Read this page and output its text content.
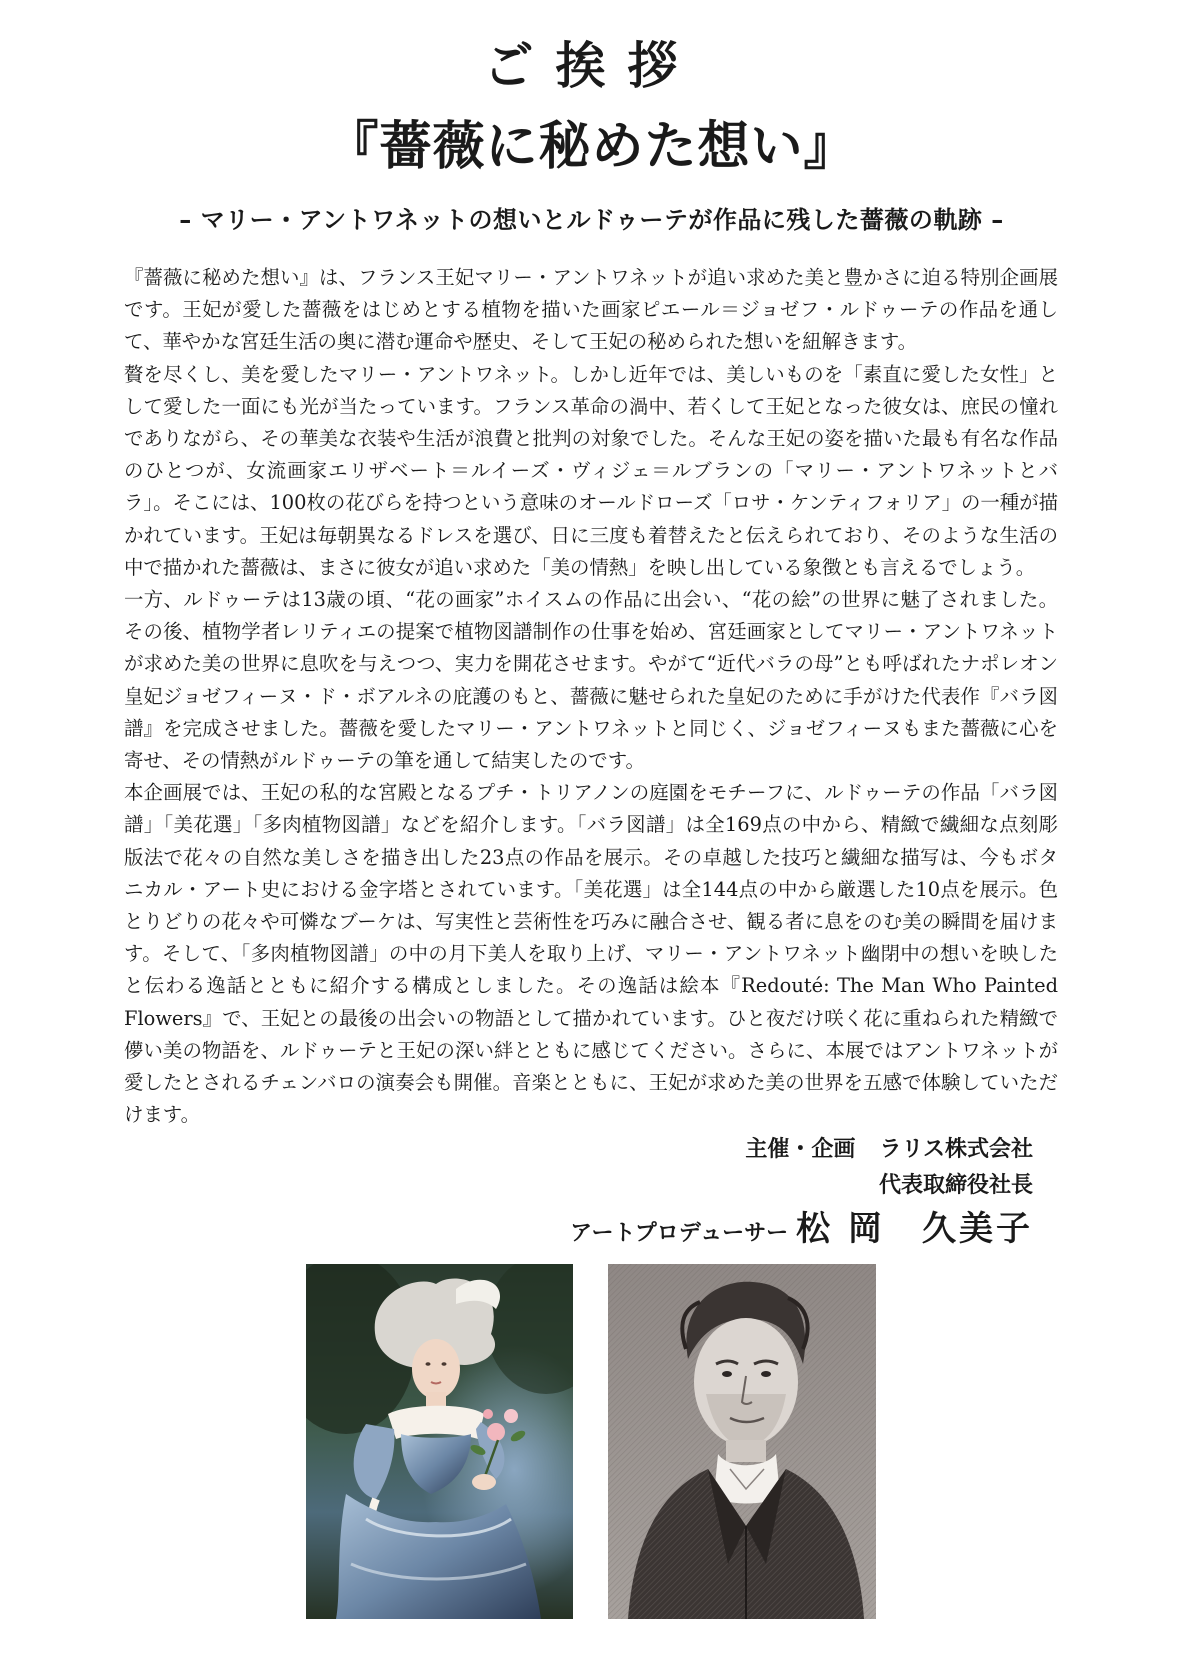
ご挨拶
『薔薇に秘めた想い』
– マリー・アントワネットの想いとルドゥーテが作品に残した薔薇の軌跡 –

『薔薇に秘めた想い』は、フランス王妃マリー・アントワネットが追い求めた美と豊かさに迫る特別企画展です。王妃が愛した薔薇をはじめとする植物を描いた画家ピエール＝ジョゼフ・ルドゥーテの作品を通して、華やかな宮廷生活の奥に潜む運命や歴史、そして王妃の秘められた想いを紐解きます。

贅を尽くし、美を愛したマリー・アントワネット。しかし近年では、美しいものを「素直に愛した女性」として愛した一面にも光が当たっています。フランス革命の渦中、若くして王妃となった彼女は、庶民の憧れでありながら、その華美な衣装や生活が浪費と批判の対象でした。そんな王妃の姿を描いた最も有名な作品のひとつが、女流画家エリザベート＝ルイーズ・ヴィジェ＝ルブランの「マリー・アントワネットとバラ」。そこには、100枚の花びらを持つという意味のオールドローズ「ロサ・ケンティフォリア」の一種が描かれています。王妃は毎朝異なるドレスを選び、日に三度も着替えたと伝えられており、そのような生活の中で描かれた薔薇は、まさに彼女が追い求めた「美の情熱」を映し出している象徴とも言えるでしょう。

一方、ルドゥーテは13歳の頃、“花の画家”ホイスムの作品に出会い、“花の絵”の世界に魅了されました。その後、植物学者レリティエの提案で植物図譜制作の仕事を始め、宮廷画家としてマリー・アントワネットが求めた美の世界に息吹を与えつつ、実力を開花させます。やがて“近代バラの母”とも呼ばれたナポレオン皇妃ジョゼフィーヌ・ド・ボアルネの庇護のもと、薔薇に魅せられた皇妃のために手がけた代表作『バラ図譜』を完成させました。薔薇を愛したマリー・アントワネットと同じく、ジョゼフィーヌもまた薔薇に心を寄せ、その情熱がルドゥーテの筆を通して結実したのです。

本企画展では、王妃の私的な宮殿となるプチ・トリアノンの庭園をモチーフに、ルドゥーテの作品「バラ図譜」「美花選」「多肉植物図譜」などを紹介します。「バラ図譜」は全169点の中から、精緻で繊細な点刻彫版法で花々の自然な美しさを描き出した23点の作品を展示。その卓越した技巧と繊細な描写は、今もボタニカル・アート史における金字塔とされています。「美花選」は全144点の中から厳選した10点を展示。色とりどりの花々や可憐なブーケは、写実性と芸術性を巧みに融合させ、観る者に息をのむ美の瞬間を届けます。そして、「多肉植物図譜」の中の月下美人を取り上げ、マリー・アントワネット幽閉中の想いを映したと伝わる逸話とともに紹介する構成としました。その逸話は絵本『Redouté: The Man Who Painted Flowers』で、王妃との最後の出会いの物語として描かれています。ひと夜だけ咲く花に重ねられた精緻で儚い美の物語を、ルドゥーテと王妃の深い絆とともに感じてください。さらに、本展ではアントワネットが愛したとされるチェンバロの演奏会も開催。音楽とともに、王妃が求めた美の世界を五感で体験していただけます。

主催・企画 ラリス株式会社
代表取締役社長
アートプロデューサー 松 岡　久美子
